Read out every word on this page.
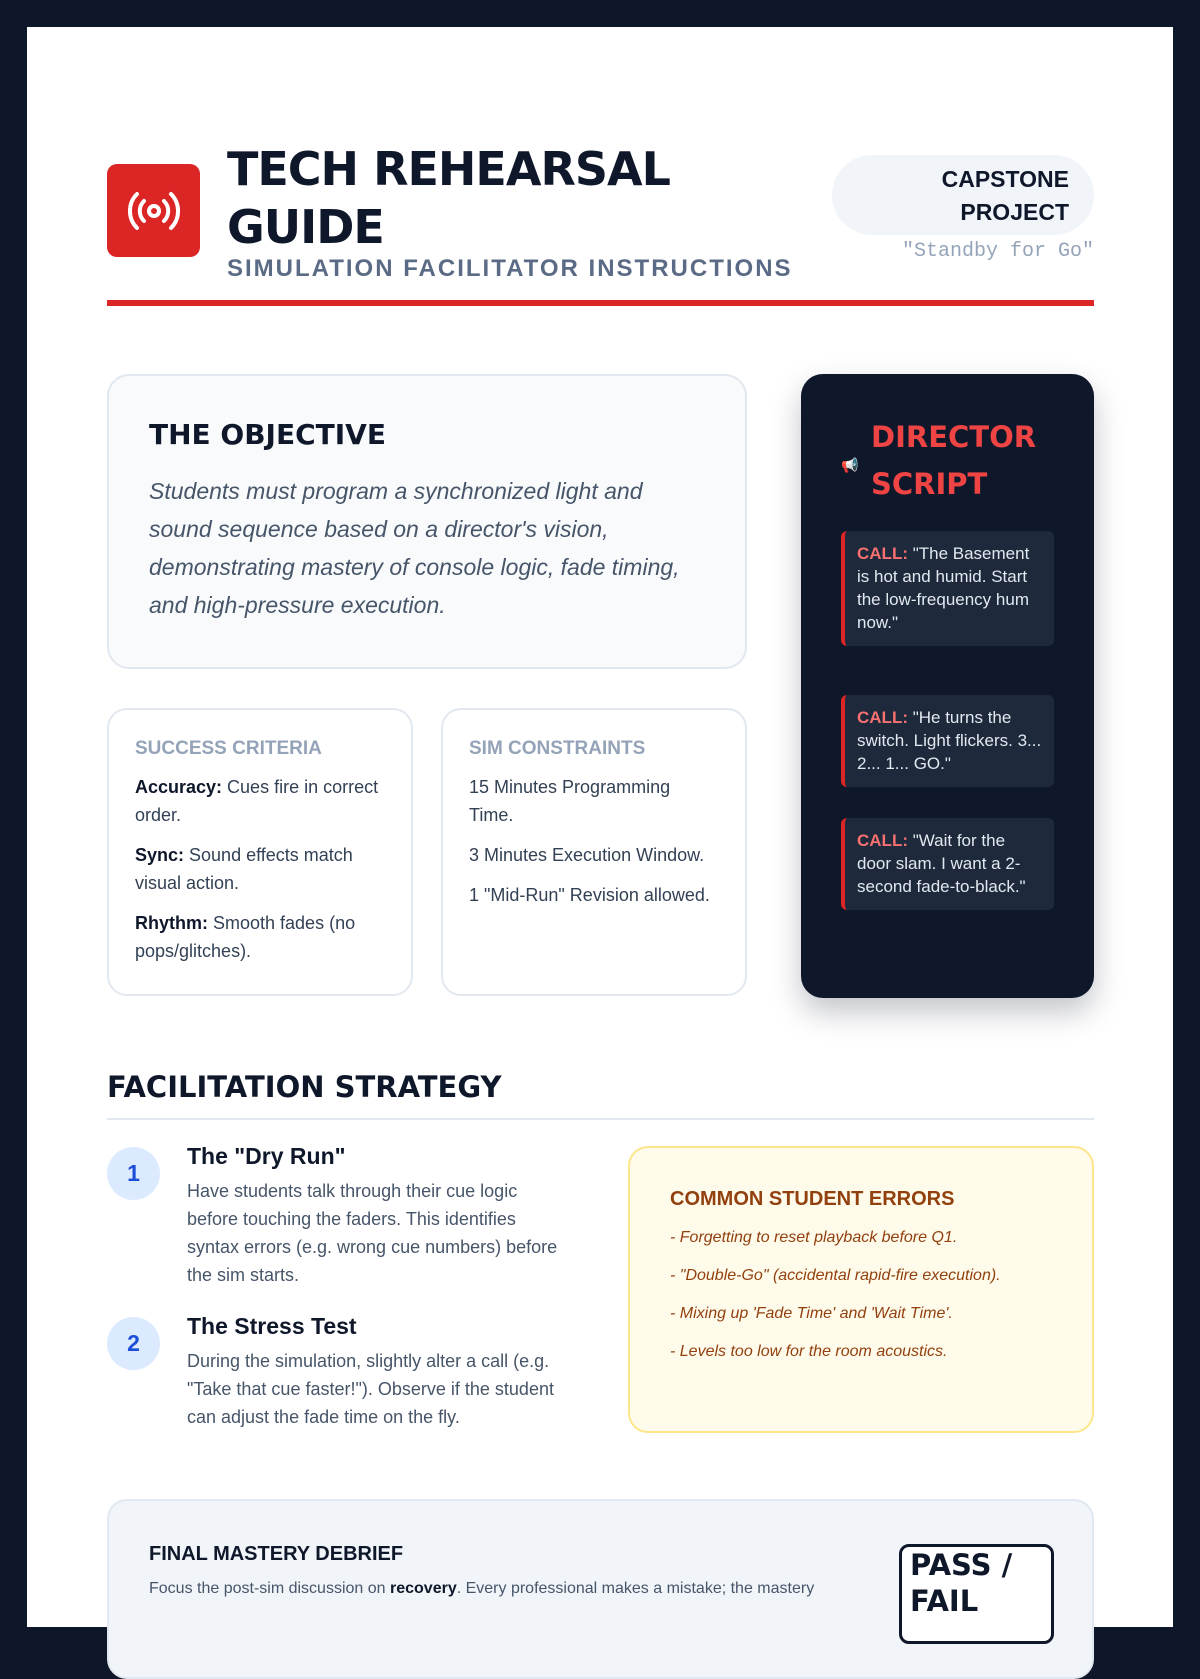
TECH REHEARSAL GUIDE
SIMULATION FACILITATOR INSTRUCTIONS
CAPSTONE PROJECT
"Standby for Go"
THE OBJECTIVE

Students must program a synchronized light and sound sequence based on a director's vision, demonstrating mastery of console logic, fade timing, and high-pressure execution.

SUCCESS CRITERIA

Accuracy: Cues fire in correct order.

Sync: Sound effects match visual action.

Rhythm: Smooth fades (no pops/glitches).

SIM CONSTRAINTS

15 Minutes Programming Time.

3 Minutes Execution Window.

1 "Mid-Run" Revision allowed.

📢
DIRECTOR SCRIPT
CALL: "The Basement is hot and humid. Start the low-frequency hum now."
CALL: "He turns the switch. Light flickers. 3... 2... 1... GO."
CALL: "Wait for the door slam. I want a 2-second fade-to-black."
FACILITATION STRATEGY
1
The "Dry Run"

Have students talk through their cue logic before touching the faders. This identifies syntax errors (e.g. wrong cue numbers) before the sim starts.

2
The Stress Test

During the simulation, slightly alter a call (e.g. "Take that cue faster!"). Observe if the student can adjust the fade time on the fly.

COMMON STUDENT ERRORS
- Forgetting to reset playback before Q1.
- "Double-Go" (accidental rapid-fire execution).
- Mixing up 'Fade Time' and 'Wait Time'.
- Levels too low for the room acoustics.
FINAL MASTERY DEBRIEF

Focus the post-sim discussion on recovery. Every professional makes a mistake; the mastery

PASS / FAIL
